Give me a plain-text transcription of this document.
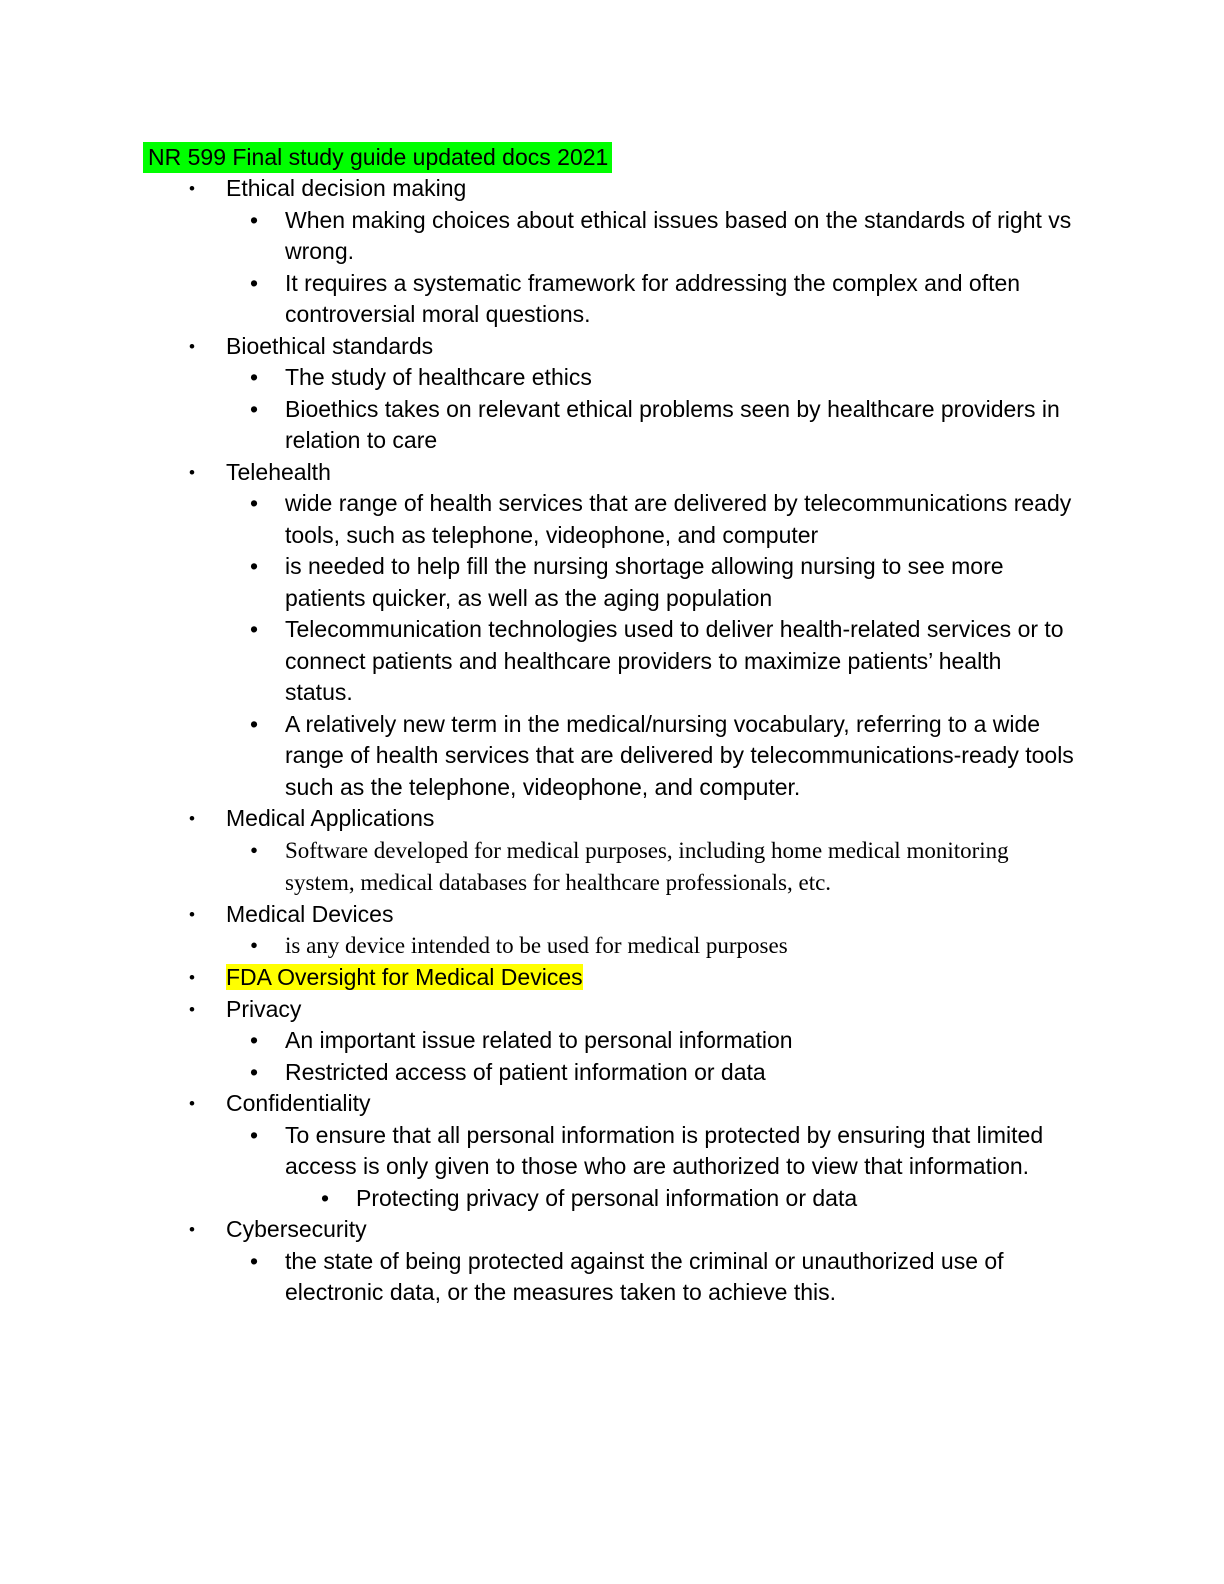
NR 599 Final study guide updated docs 2021
• Ethical decision making
• When making choices about ethical issues based on the standards of right vs wrong.
• It requires a systematic framework for addressing the complex and often controversial moral questions.
• Bioethical standards
• The study of healthcare ethics
• Bioethics takes on relevant ethical problems seen by healthcare providers in relation to care
• Telehealth
• wide range of health services that are delivered by telecommunications ready tools, such as telephone, videophone, and computer
• is needed to help fill the nursing shortage allowing nursing to see more patients quicker, as well as the aging population
• Telecommunication technologies used to deliver health-related services or to connect patients and healthcare providers to maximize patients’ health status.
• A relatively new term in the medical/nursing vocabulary, referring to a wide range of health services that are delivered by telecommunications-ready tools such as the telephone, videophone, and computer.
• Medical Applications
• Software developed for medical purposes, including home medical monitoring system, medical databases for healthcare professionals, etc.
• Medical Devices
• is any device intended to be used for medical purposes
• FDA Oversight for Medical Devices
• Privacy
• An important issue related to personal information
• Restricted access of patient information or data
• Confidentiality
• To ensure that all personal information is protected by ensuring that limited access is only given to those who are authorized to view that information.
• Protecting privacy of personal information or data
• Cybersecurity
• the state of being protected against the criminal or unauthorized use of electronic data, or the measures taken to achieve this.
